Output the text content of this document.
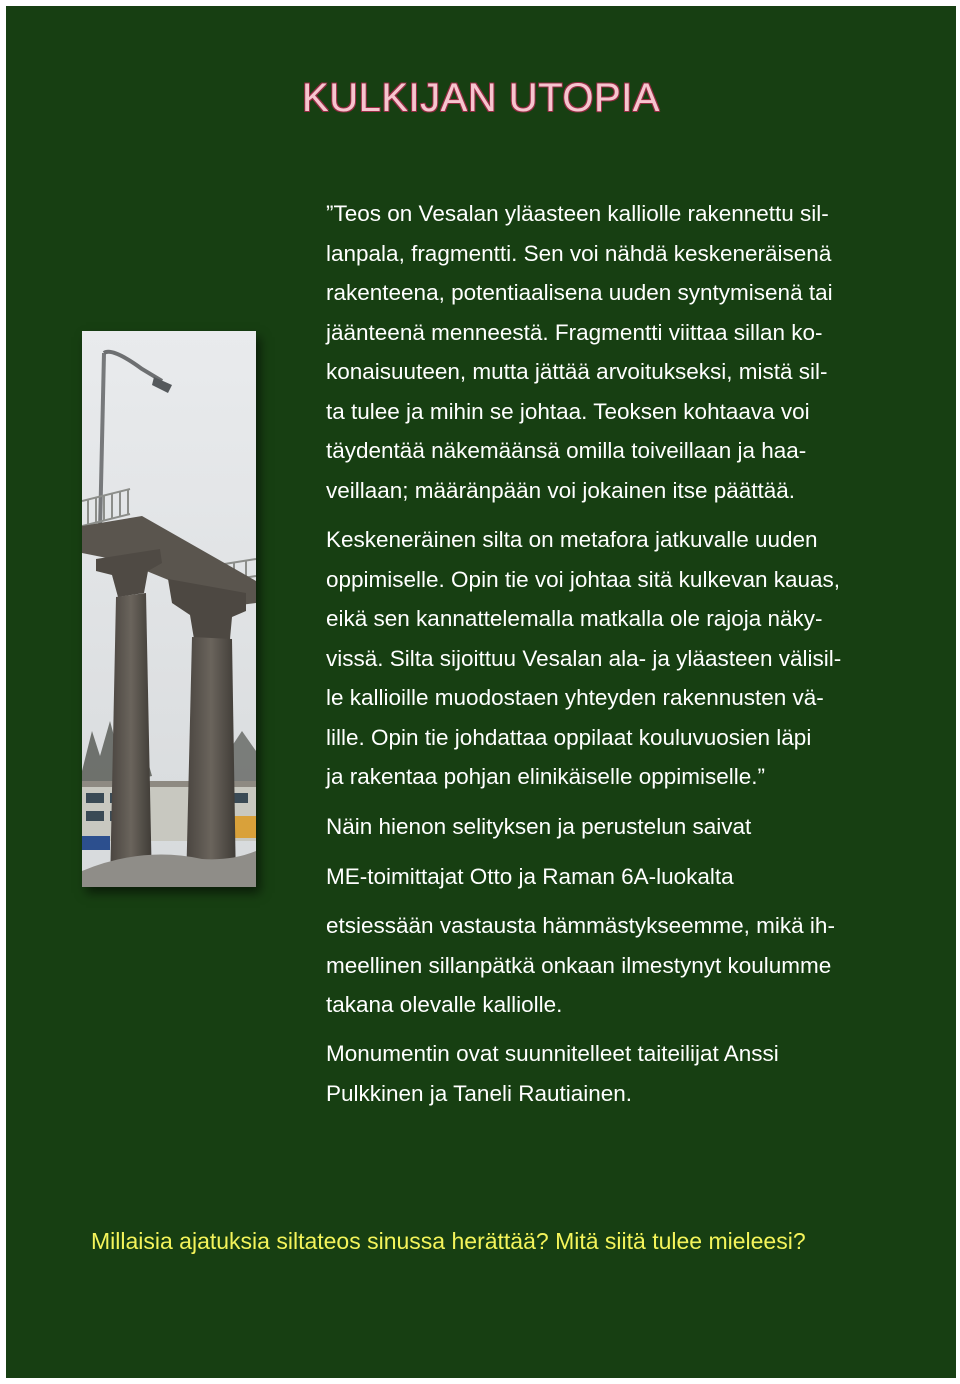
KULKIJAN UTOPIA
”Teos on Vesalan yläasteen kalliolle rakennettu sil-
lanpala, fragmentti. Sen voi nähdä keskeneräisenä
rakenteena, potentiaalisena uuden syntymisenä tai
jäänteenä menneestä. Fragmentti viittaa sillan ko-
konaisuuteen, mutta jättää arvoitukseksi, mistä sil-
ta tulee ja mihin se johtaa. Teoksen kohtaava voi
täydentää näkemäänsä omilla toiveillaan ja haa-
veillaan; määränpään voi jokainen itse päättää.
Keskeneräinen silta on metafora jatkuvalle uuden
oppimiselle. Opin tie voi johtaa sitä kulkevan kauas,
eikä sen kannattelemalla matkalla ole rajoja näky-
vissä. Silta sijoittuu Vesalan ala- ja yläasteen välisil-
le kallioille muodostaen yhteyden rakennusten vä-
lille. Opin tie johdattaa oppilaat kouluvuosien läpi
ja rakentaa pohjan elinikäiselle oppimiselle.”
Näin hienon selityksen ja perustelun saivat
ME-toimittajat Otto ja Raman 6A-luokalta
etsiessään vastausta hämmästykseemme, mikä ih-
meellinen sillanpätkä onkaan ilmestynyt koulumme
takana olevalle kalliolle.
Monumentin ovat suunnitelleet taiteilijat Anssi
Pulkkinen ja Taneli Rautiainen.
Millaisia ajatuksia siltateos sinussa herättää? Mitä siitä tulee mieleesi?
